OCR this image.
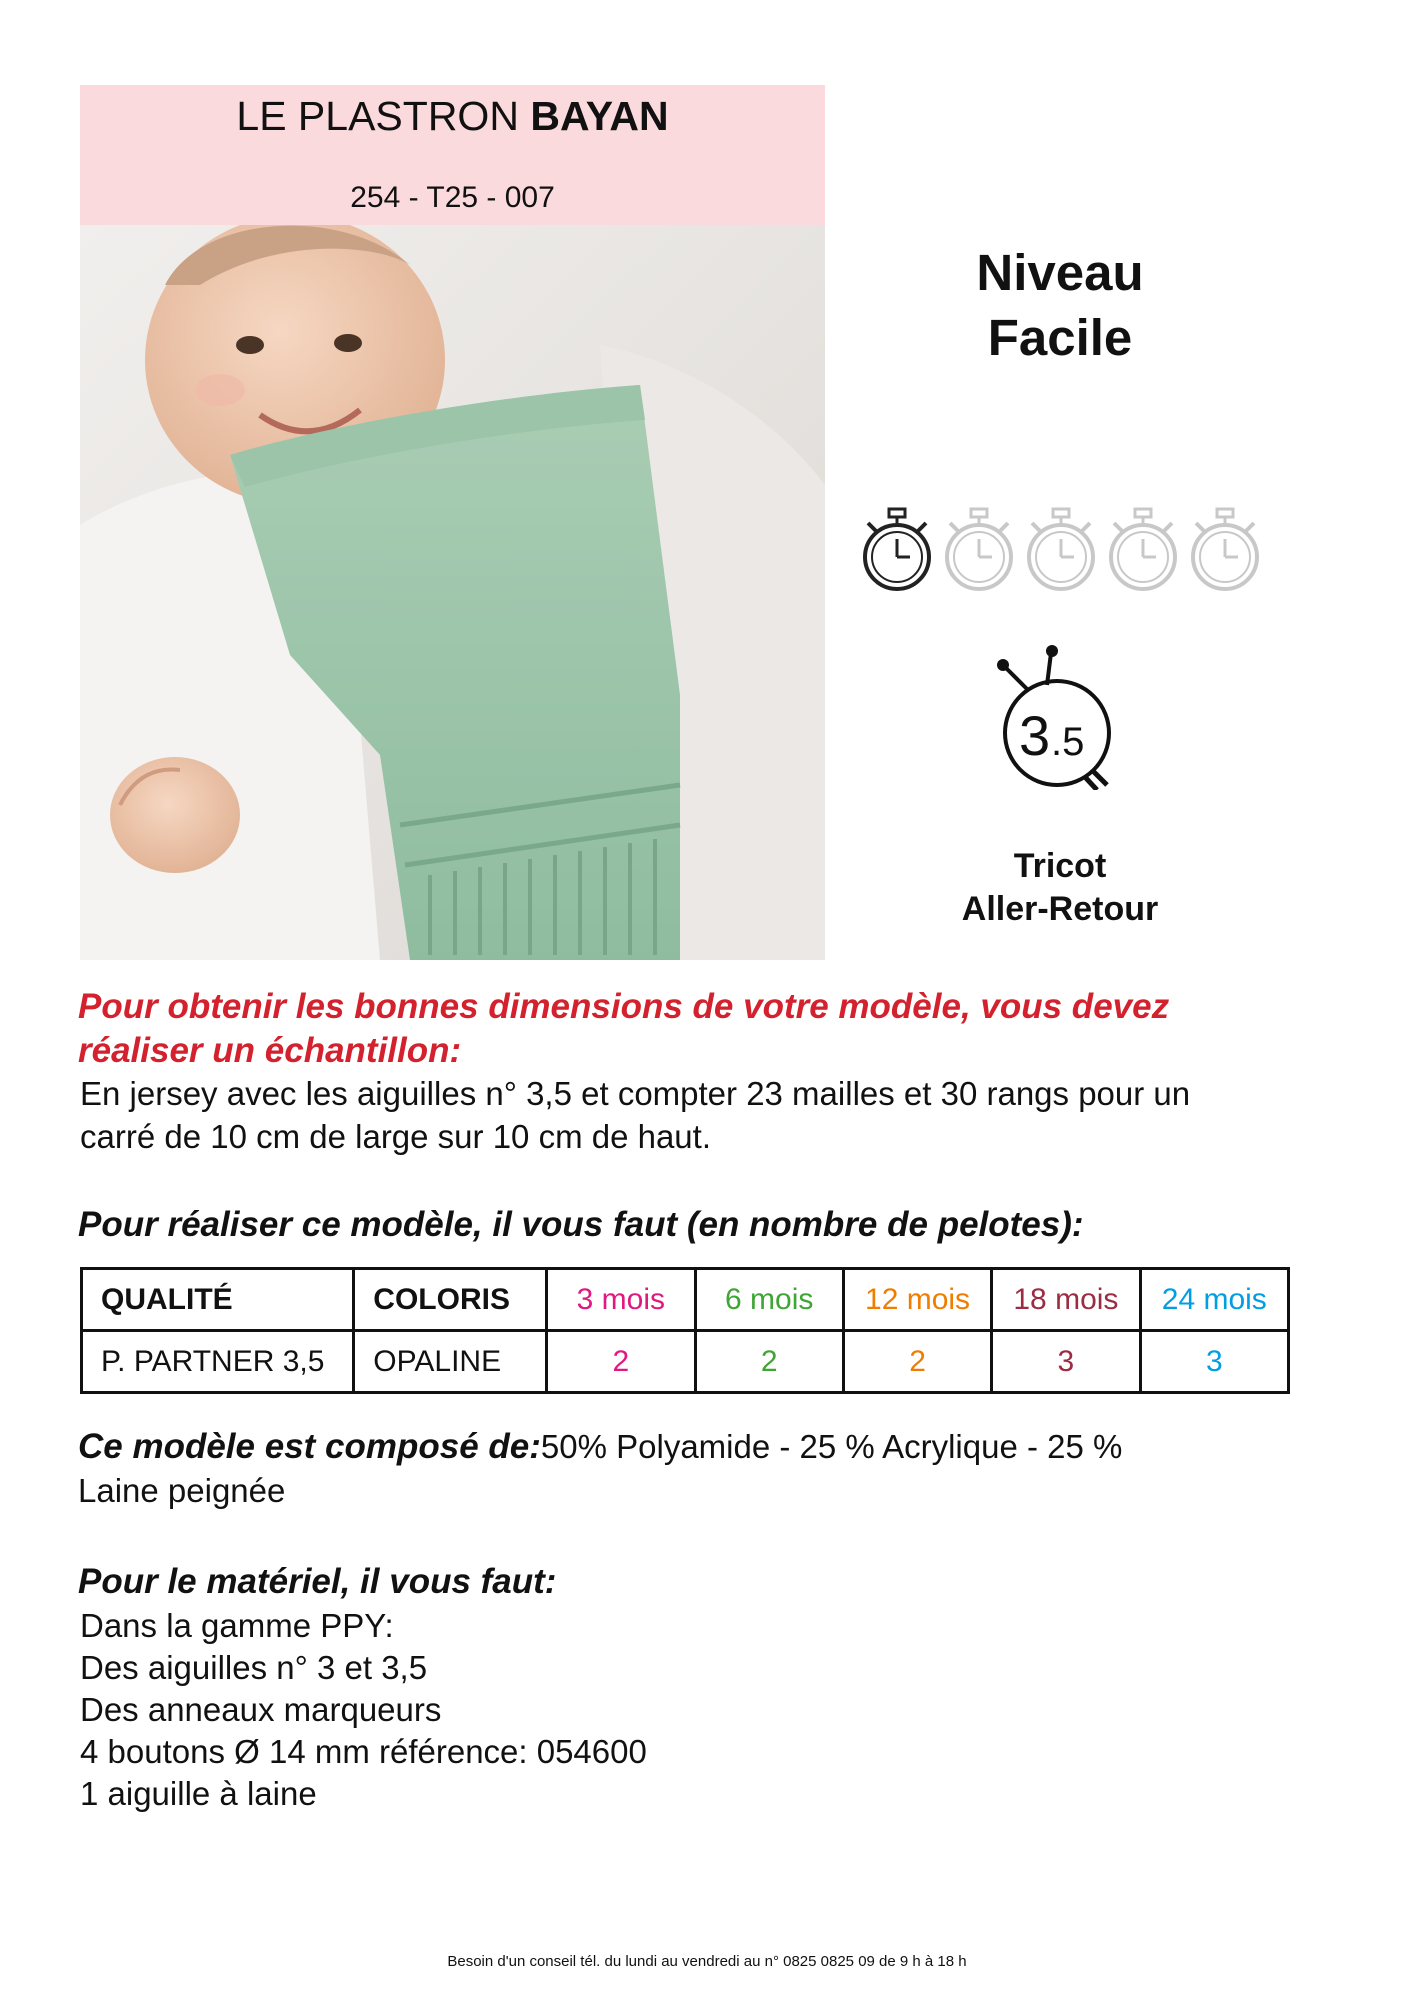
LE PLASTRON BAYAN
254 - T25 - 007
Niveau
Facile
3 .5
Tricot
Aller-Retour
Pour obtenir les bonnes dimensions de votre modèle, vous devez
réaliser un échantillon:
En jersey avec les aiguilles n° 3,5 et compter 23 mailles et 30 rangs pour un
carré de 10 cm de large sur 10 cm de haut.
Pour réaliser ce modèle, il vous faut (en nombre de pelotes):
QUALITÉ	COLORIS	3 mois	6 mois	12 mois	18 mois	24 mois
P. PARTNER 3,5	OPALINE	2	2	2	3	3
Ce modèle est composé de:50% Polyamide - 25 % Acrylique - 25 %
Laine peignée
Pour le matériel, il vous faut:
Dans la gamme PPY:
Des aiguilles n° 3 et 3,5
Des anneaux marqueurs
4 boutons Ø 14 mm référence: 054600
1 aiguille à laine
Besoin d'un conseil tél. du lundi au vendredi au n° 0825 0825 09 de 9 h à 18 h
